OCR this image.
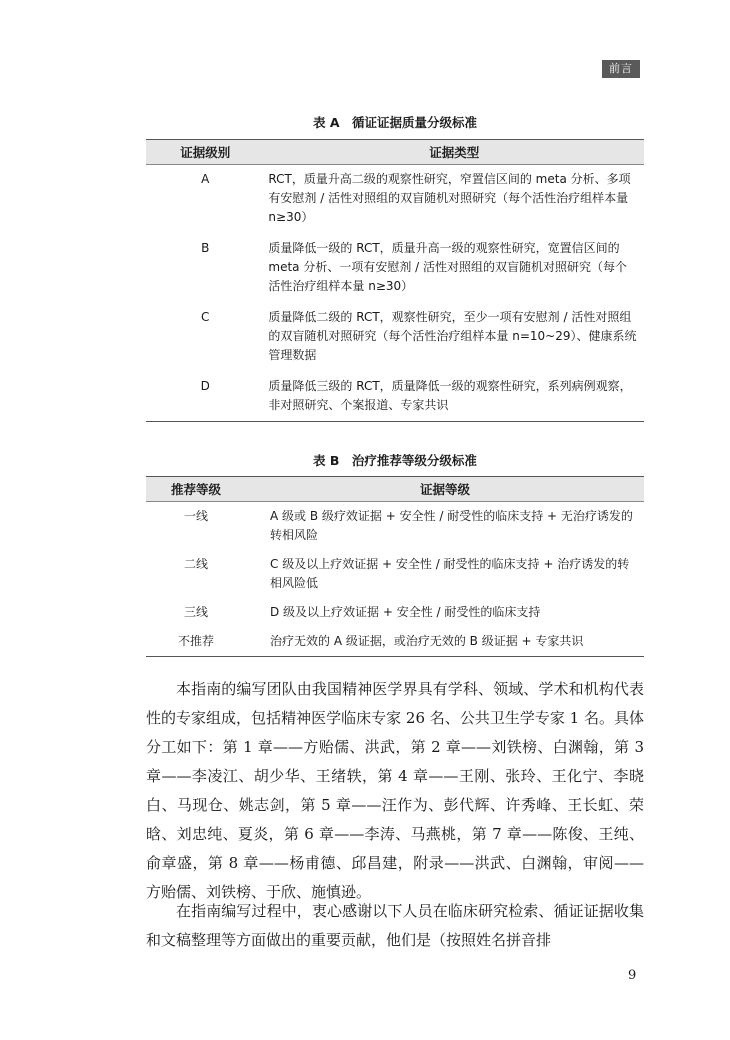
前言
表 A　循证证据质量分级标准
证据级别	证据类型
A	RCT，质量升高二级的观察性研究，窄置信区间的 meta 分析、多项有安慰剂 / 活性对照组的双盲随机对照研究（每个活性治疗组样本量 n≥30）
B	质量降低一级的 RCT，质量升高一级的观察性研究，宽置信区间的 meta 分析、一项有安慰剂 / 活性对照组的双盲随机对照研究（每个活性治疗组样本量 n≥30）
C	质量降低二级的 RCT，观察性研究，至少一项有安慰剂 / 活性对照组的双盲随机对照研究（每个活性治疗组样本量 n=10~29）、健康系统管理数据
D	质量降低三级的 RCT，质量降低一级的观察性研究，系列病例观察，非对照研究、个案报道、专家共识
表 B　治疗推荐等级分级标准
推荐等级	证据等级
一线	A 级或 B 级疗效证据 + 安全性 / 耐受性的临床支持 + 无治疗诱发的转相风险
二线	C 级及以上疗效证据 + 安全性 / 耐受性的临床支持 + 治疗诱发的转相风险低
三线	D 级及以上疗效证据 + 安全性 / 耐受性的临床支持
不推荐	治疗无效的 A 级证据，或治疗无效的 B 级证据 + 专家共识

本指南的编写团队由我国精神医学界具有学科、领域、学术和机构代表性的专家组成，包括精神医学临床专家 26 名、公共卫生学专家 1 名。具体分工如下：第 1 章——方贻儒、洪武，第 2 章——刘铁榜、白渊翰，第 3 章——李凌江、胡少华、王绪轶，第 4 章——王刚、张玲、王化宁、李晓白、马现仓、姚志剑，第 5 章——汪作为、彭代辉、许秀峰、王长虹、荣晗、刘忠纯、夏炎，第 6 章——李涛、马燕桃，第 7 章——陈俊、王纯、俞章盛，第 8 章——杨甫德、邱昌建，附录——洪武、白渊翰，审阅——方贻儒、刘铁榜、于欣、施慎逊。

在指南编写过程中，衷心感谢以下人员在临床研究检索、循证证据收集和文稿整理等方面做出的重要贡献，他们是（按照姓名拼音排

9
